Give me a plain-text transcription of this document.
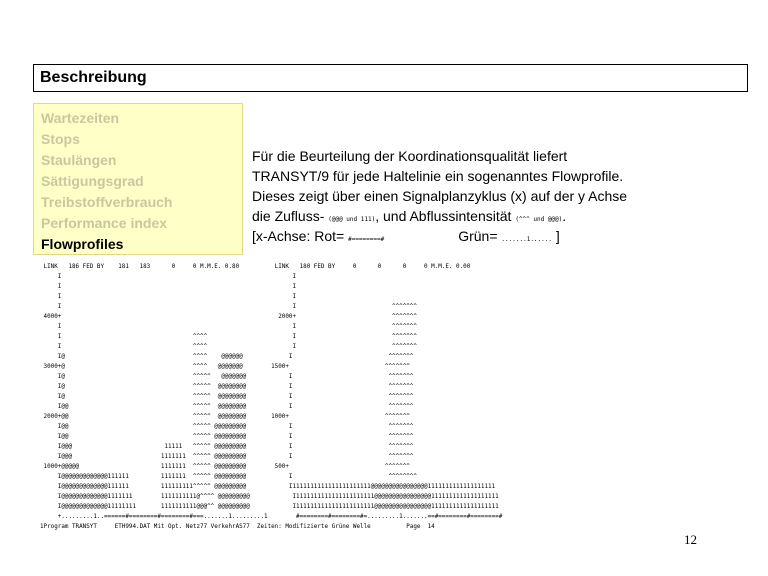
Beschreibung
Wartezeiten
Stops
Staulängen
Sättigungsgrad
Treibstoffverbrauch
Performance index
Flowprofiles
Für die Beurteilung der Koordinationsqualität liefert
TRANSYT/9 für jede Haltelinie ein sogenanntes Flowprofile.
Dieses zeigt über einen Signalplanzyklus (x) auf der y Achse
die Zufluss- (@@@ und 111), und Abflussintensität (^^^ und @@@).
[x-Achse: Rot= #========#	Grün= .......1...... ]
LINK   186 FED BY    181   183      0     0 M.M.E. 0.80          LINK   180 FED BY     0      0      0     0 M.M.E. 0.00
I                                                                 I
I                                                                 I
I                                                                 I
I                                                                 I                           ^^^^^^^
4000+                                                             2000+                           ^^^^^^^
I                                                                 I                           ^^^^^^^
I                                     ^^^^                        I                           ^^^^^^^
I                                     ^^^^                        I                           ^^^^^^^
I@                                    ^^^^    @@@@@@             I                           ^^^^^^^
3000+@                                    ^^^^   @@@@@@@        1500+                           ^^^^^^^
I@                                    ^^^^^   @@@@@@@            I                           ^^^^^^^
I@                                    ^^^^^  @@@@@@@@            I                           ^^^^^^^
I@                                    ^^^^^  @@@@@@@@            I                           ^^^^^^^
I@@                                   ^^^^^  @@@@@@@@            I                           ^^^^^^^
2000+@@                                   ^^^^^  @@@@@@@@       1000+                           ^^^^^^^
I@@                                   ^^^^^ @@@@@@@@@            I                           ^^^^^^^
I@@                                   ^^^^^ @@@@@@@@@            I                           ^^^^^^^
I@@@                          11111   ^^^^^ @@@@@@@@@            I                           ^^^^^^^
I@@@                         1111111  ^^^^^ @@@@@@@@@            I                           ^^^^^^^
1000+@@@@@                       1111111  ^^^^^ @@@@@@@@@        500+                           ^^^^^^^
I@@@@@@@@@@@@@111111         1111111  ^^^^^ @@@@@@@@@            I                           ^^^^^^^^
I@@@@@@@@@@@@@111111         111111111^^^^^ @@@@@@@@@            I1111111111111111111111@@@@@@@@@@@@@@@@1111111111111111111
I@@@@@@@@@@@@@1111111        1111111111@^^^^ @@@@@@@@@            I1111111111111111111111@@@@@@@@@@@@@@@@1111111111111111111
I@@@@@@@@@@@@@11111111       1111111111@@@^^ @@@@@@@@@            I1111111111111111111111@@@@@@@@@@@@@@@@1111111111111111111
+.........1..======#========#========#===.......1.........1        #========#========#=.........1.......==#========#========#
1Program TRANSYT     ETH994.DAT Mit Opt. Netz77 VerkehrAS77  Zeiten: Modifizierte Grüne Welle          Page  14
12
